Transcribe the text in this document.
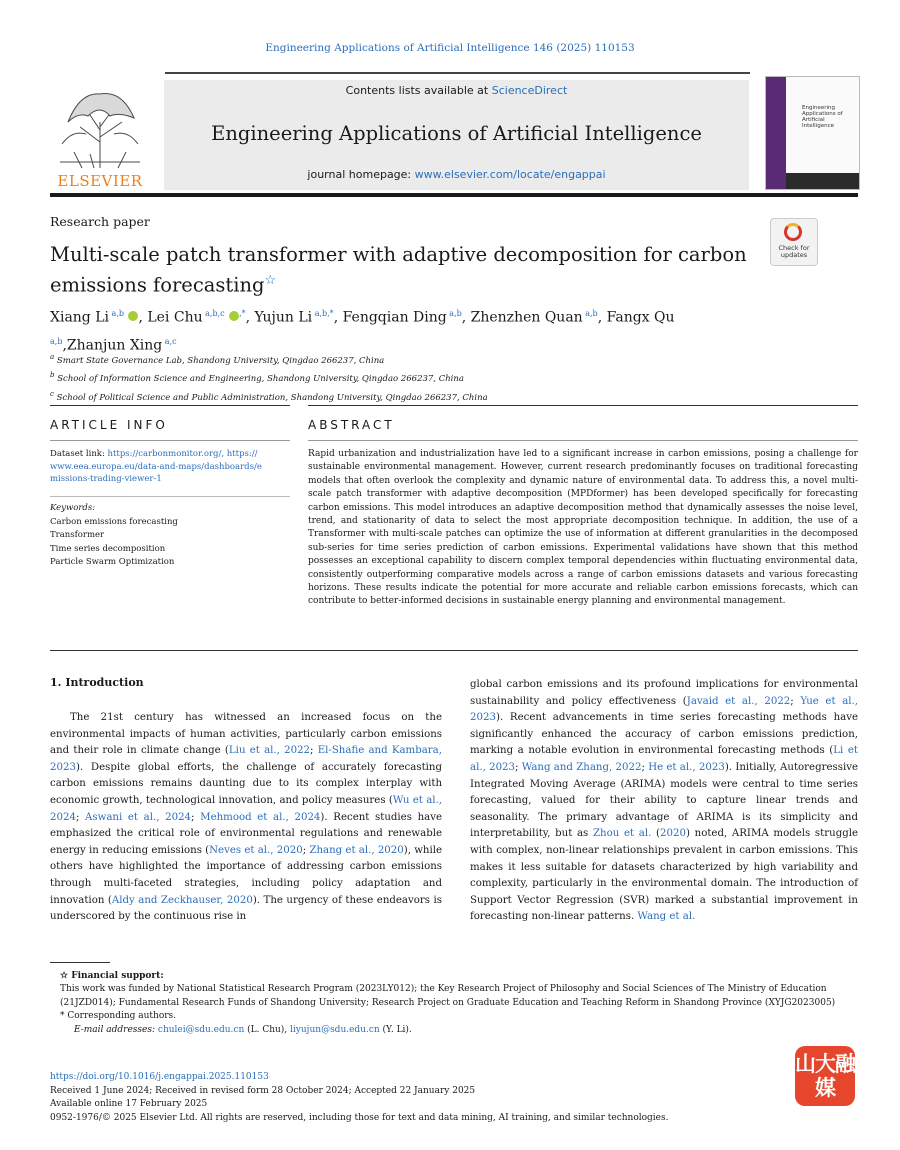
Engineering Applications of Artificial Intelligence 146 (2025) 110153
ELSEVIER
Contents lists available at ScienceDirect
Engineering Applications of Artificial Intelligence
journal homepage: www.elsevier.com/locate/engappai
Engineering Applications of Artificial Intelligence
Research paper
Multi-scale patch transformer with adaptive decomposition for carbon emissions forecasting☆
Check for updates
Xiang Li $^{a,b}$ , Lei Chu $^{a,b,c}$ ,*, Yujun Li $^{a,b,*}$, Fengqian Ding $^{a,b}$, Zhenzhen Quan $^{a,b}$, Fangx Qu $^{a,b}$,Zhanjun Xing $^{a,c}$
$^a$ Smart State Governance Lab, Shandong University, Qingdao 266237, China
$^b$ School of Information Science and Engineering, Shandong University, Qingdao 266237, China
$^c$ School of Political Science and Public Administration, Shandong University, Qingdao 266237, China
ARTICLE INFO	ABSTRACT
Dataset link: https://carbonmonitor.org/, https://www.eea.europa.eu/data-and-maps/dashboards/emissions-trading-viewer-1
Keywords:
Carbon emissions forecasting
Transformer
Time series decomposition
Particle Swarm Optimization
Rapid urbanization and industrialization have led to a significant increase in carbon emissions, posing a challenge for sustainable environmental management. However, current research predominantly focuses on traditional forecasting models that often overlook the complexity and dynamic nature of environmental data. To address this, a novel multi-scale patch transformer with adaptive decomposition (MPDformer) has been developed specifically for forecasting carbon emissions. This model introduces an adaptive decomposition method that dynamically assesses the noise level, trend, and stationarity of data to select the most appropriate decomposition technique. In addition, the use of a Transformer with multi-scale patches can optimize the use of information at different granularities in the decomposed sub-series for time series prediction of carbon emissions. Experimental validations have shown that this method possesses an exceptional capability to discern complex temporal dependencies within fluctuating environmental data, consistently outperforming comparative models across a range of carbon emissions datasets and various forecasting horizons. These results indicate the potential for more accurate and reliable carbon emissions forecasts, which can contribute to better-informed decisions in sustainable energy planning and environmental management.
1. Introduction
The 21st century has witnessed an increased focus on the environmental impacts of human activities, particularly carbon emissions and their role in climate change (Liu et al., 2022; El-Shafie and Kambara, 2023). Despite global efforts, the challenge of accurately forecasting carbon emissions remains daunting due to its complex interplay with economic growth, technological innovation, and policy measures (Wu et al., 2024; Aswani et al., 2024; Mehmood et al., 2024). Recent studies have emphasized the critical role of environmental regulations and renewable energy in reducing emissions (Neves et al., 2020; Zhang et al., 2020), while others have highlighted the importance of addressing carbon emissions through multi-faceted strategies, including policy adaptation and innovation (Aldy and Zeckhauser, 2020). The urgency of these endeavors is underscored by the continuous rise in
global carbon emissions and its profound implications for environmental sustainability and policy effectiveness (Javaid et al., 2022; Yue et al., 2023). Recent advancements in time series forecasting methods have significantly enhanced the accuracy of carbon emissions prediction, marking a notable evolution in environmental forecasting methods (Li et al., 2023; Wang and Zhang, 2022; He et al., 2023). Initially, Autoregressive Integrated Moving Average (ARIMA) models were central to time series forecasting, valued for their ability to capture linear trends and seasonality. The primary advantage of ARIMA is its simplicity and interpretability, but as Zhou et al. (2020) noted, ARIMA models struggle with complex, non-linear relationships prevalent in carbon emissions. This makes it less suitable for datasets characterized by high variability and complexity, particularly in the environmental domain. The introduction of Support Vector Regression (SVR) marked a substantial improvement in forecasting non-linear patterns. Wang et al.
☆ Financial support:
This work was funded by National Statistical Research Program (2023LY012); the Key Research Project of Philosophy and Social Sciences of The Ministry of Education (21JZD014); Fundamental Research Funds of Shandong University; Research Project on Graduate Education and Teaching Reform in Shandong Province (XYJG2023005)
* Corresponding authors.
E-mail addresses: chulei@sdu.edu.cn (L. Chu), liyujun@sdu.edu.cn (Y. Li).
https://doi.org/10.1016/j.engappai.2025.110153
Received 1 June 2024; Received in revised form 28 October 2024; Accepted 22 January 2025
Available online 17 February 2025
0952-1976/© 2025 Elsevier Ltd. All rights are reserved, including those for text and data mining, AI training, and similar technologies.
山大融媒
